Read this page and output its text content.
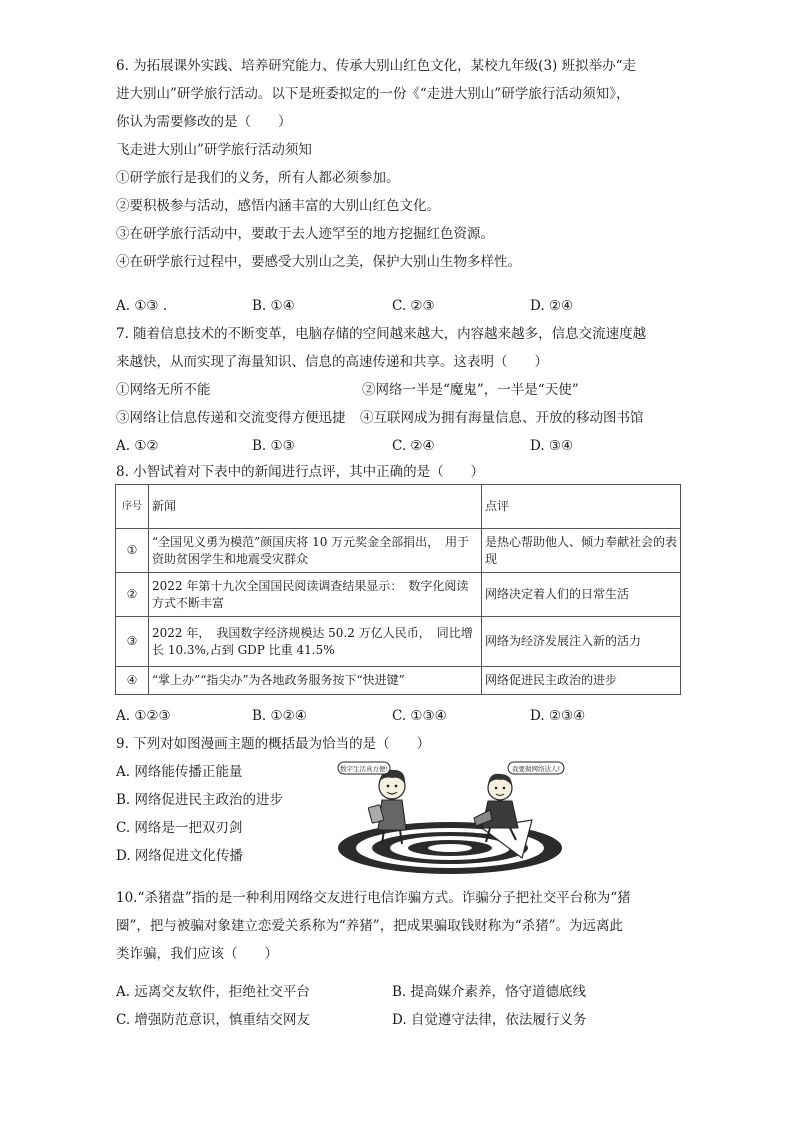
6. 为拓展课外实践、培养研究能力、传承大别山红色文化，某校九年级(3) 班拟举办“走
进大别山”研学旅行活动。以下是班委拟定的一份《“走进大别山”研学旅行活动须知》，
你认为需要修改的是（　　）
飞走进大别山”研学旅行活动须知
①研学旅行是我们的义务，所有人都必须参加。
②要积极参与活动，感悟内涵丰富的大别山红色文化。
③在研学旅行活动中，要敢于去人迹罕至的地方挖掘红色资源。
④在研学旅行过程中，要感受大别山之美，保护大别山生物多样性。
A. ①③ .	B. ①④	C. ②③	D. ②④
7. 随着信息技术的不断变革，电脑存储的空间越来越大，内容越来越多，信息交流速度越
来越快，从而实现了海量知识、信息的高速传递和共享。这表明（　　）
①网络无所不能	②网络一半是“魔鬼”，一半是“天使”
③网络让信息传递和交流变得方便迅捷 ④互联网成为拥有海量信息、开放的移动图书馆
A. ①②	B. ①③	C. ②④	D. ③④
8. 小智试着对下表中的新闻进行点评，其中正确的是（　　）
序号	新闻	点评
①	“全国见义勇为模范”颜国庆将 10 万元奖金全部捐出，　用于资助贫困学生和地震受灾群众	是热心帮助他人、倾力奉献社会的表现
②	2022 年第十九次全国国民阅读调查结果显示：　数字化阅读方式不断丰富	网络决定着人们的日常生活
③	2022 年，　我国数字经济规模达 50.2 万亿人民币，　同比增长 10.3%,占到 GDP 比重 41.5%	网络为经济发展注入新的活力
④	“掌上办”“指尖办”为各地政务服务按下“快进键”	网络促进民主政治的进步
A. ①②③	B. ①②④	C. ①③④	D. ②③④
9. 下列对如图漫画主题的概括最为恰当的是（　　）
A. 网络能传播正能量
B. 网络促进民主政治的进步
C. 网络是一把双刃剑
D. 网络促进文化传播
数字生活真方便!	我要做网络达人!
10.“杀猪盘”指的是一种利用网络交友进行电信诈骗方式。诈骗分子把社交平台称为“猪
圈”，把与被骗对象建立恋爱关系称为“养猪”，把成果骗取钱财称为“杀猪”。为远离此
类诈骗，我们应该（　　）
A. 远离交友软件，拒绝社交平台	B. 提高媒介素养，恪守道德底线
C. 增强防范意识，慎重结交网友	D. 自觉遵守法律，依法履行义务
